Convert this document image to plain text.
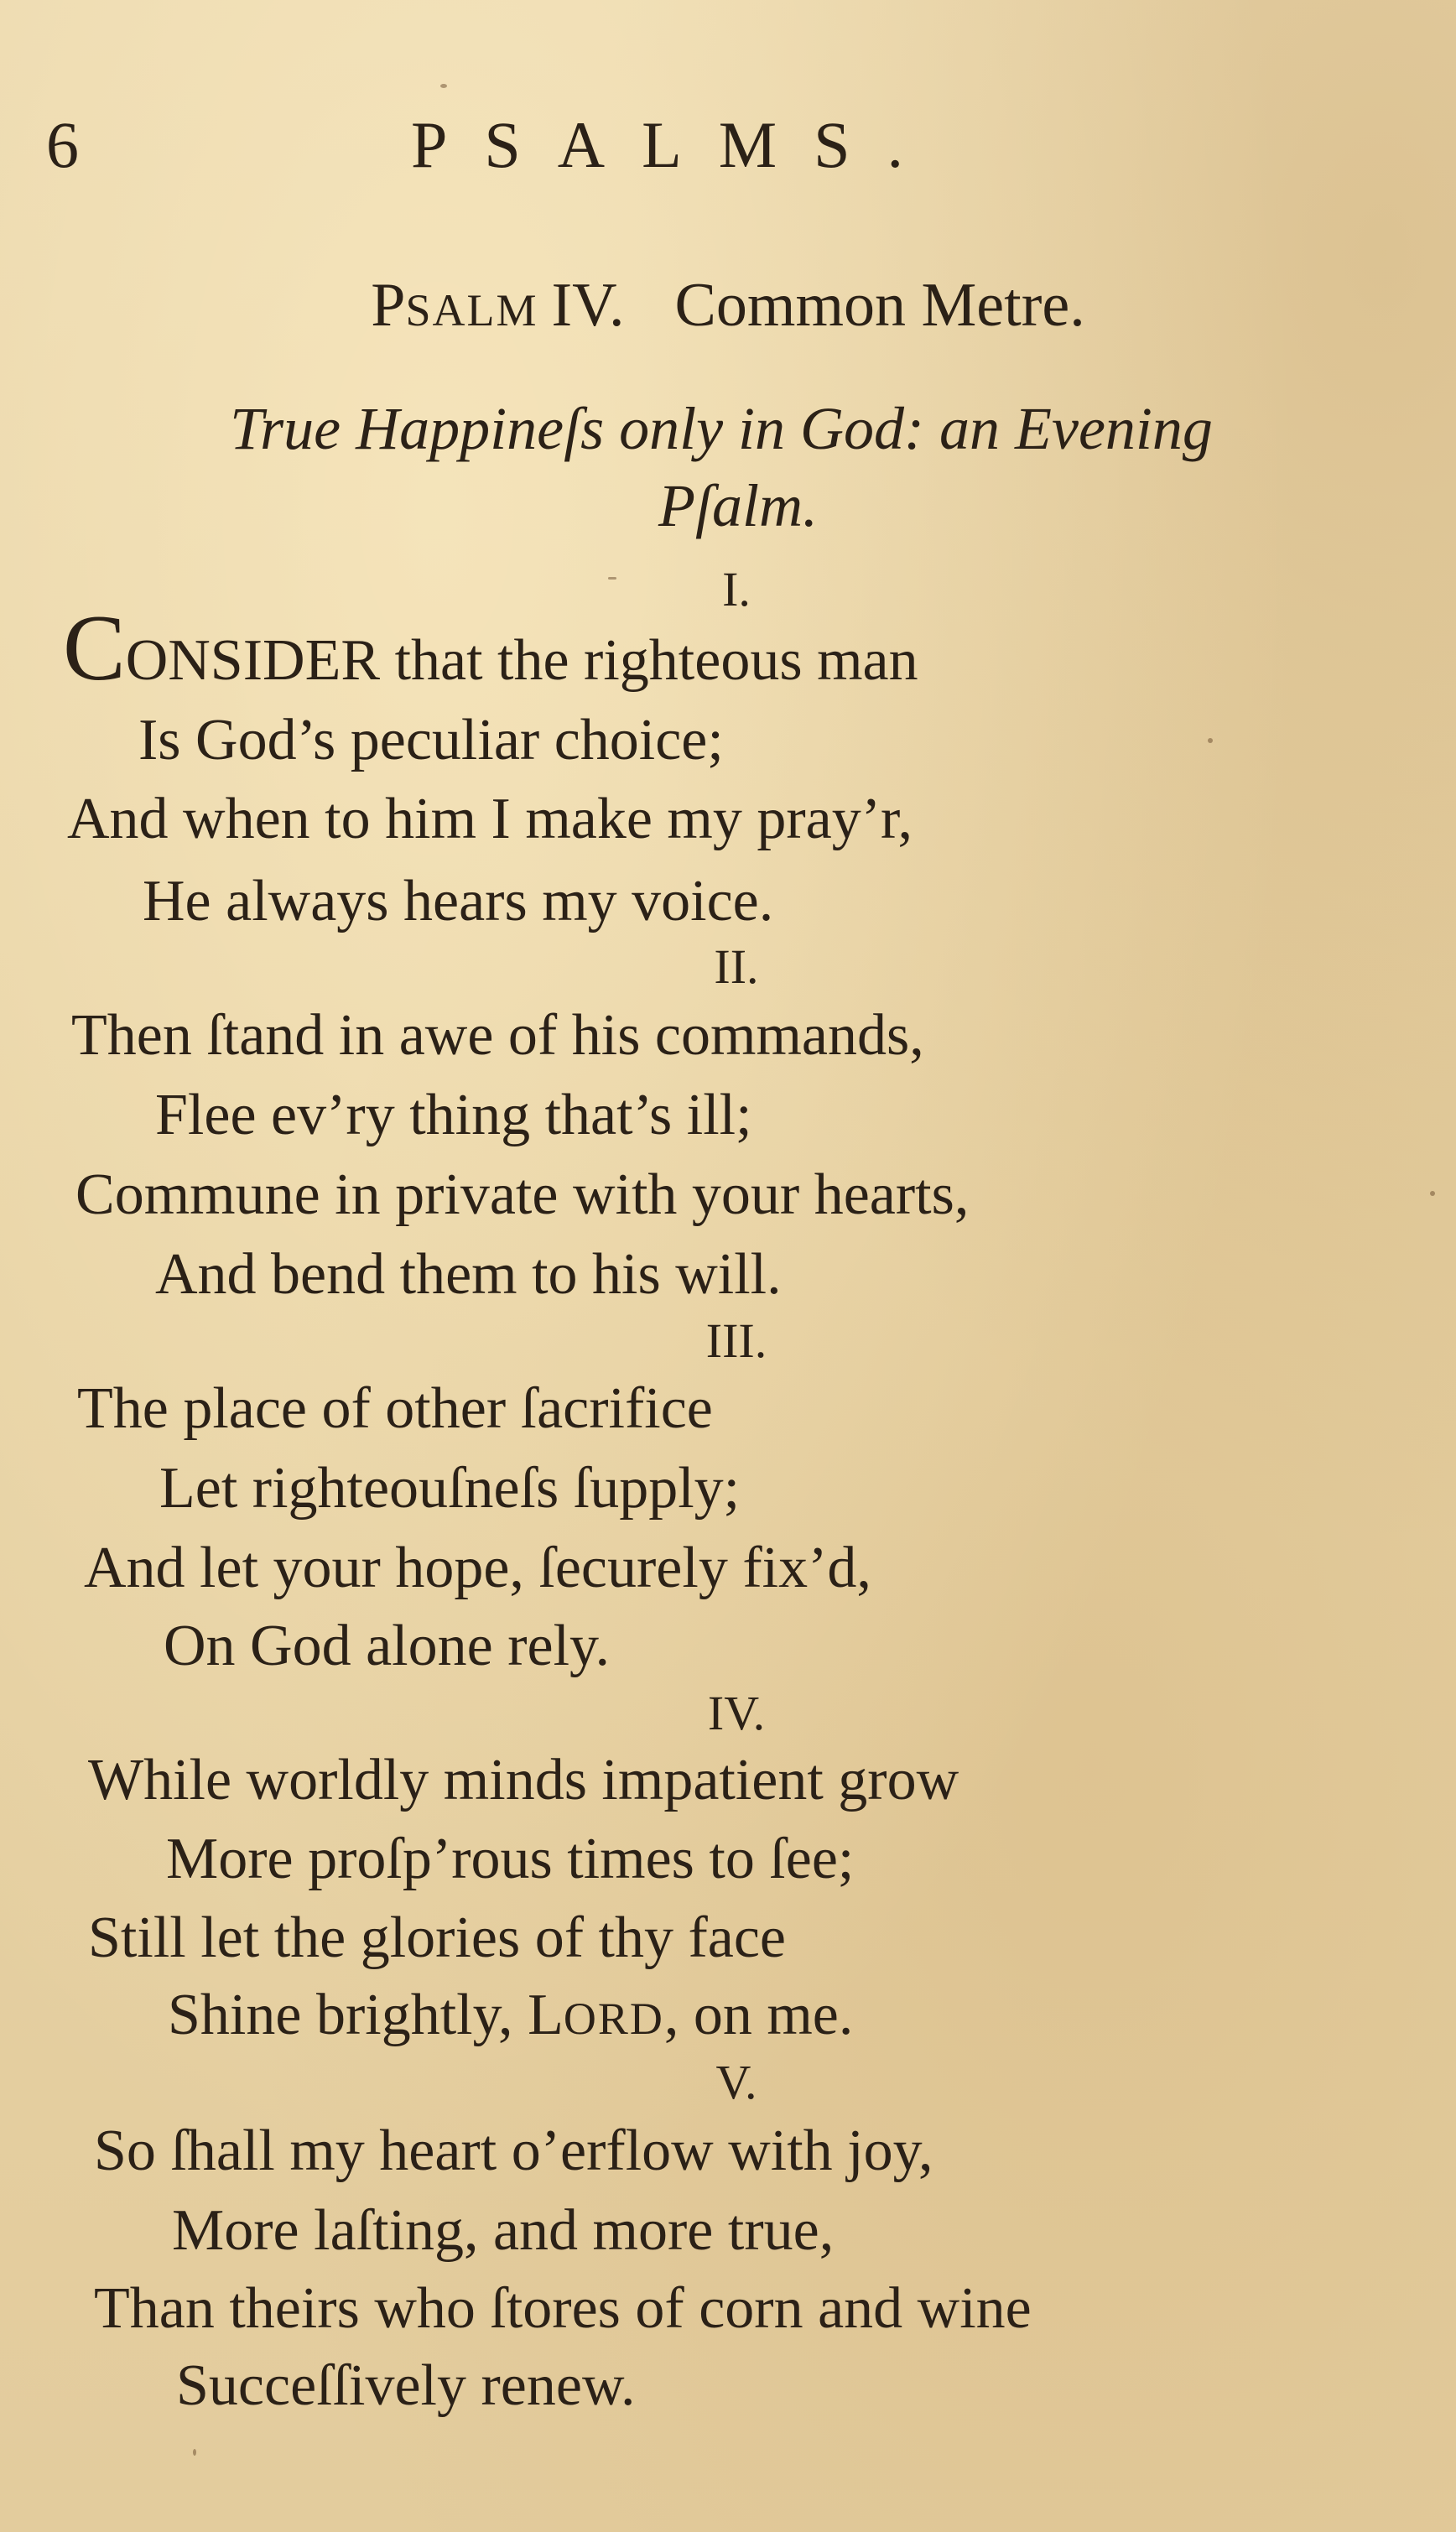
6	PSALMS.
PSALM IV. Common Metre.
True Happineſs only in God: an Evening
Pſalm.
I.
CONSIDER that the righteous man
Is God’s peculiar choice;
And when to him I make my pray’r,
He always hears my voice.
II.
Then ſtand in awe of his commands,
Flee ev’ry thing that’s ill;
Commune in private with your hearts,
And bend them to his will.
III.
The place of other ſacrifice
Let righteouſneſs ſupply;
And let your hope, ſecurely fix’d,
On God alone rely.
IV.
While worldly minds impatient grow
More proſp’rous times to ſee;
Still let the glories of thy face
Shine brightly, LORD, on me.
V.
So ſhall my heart o’erflow with joy,
More laſting, and more true,
Than theirs who ſtores of corn and wine
Succeſſively renew.
